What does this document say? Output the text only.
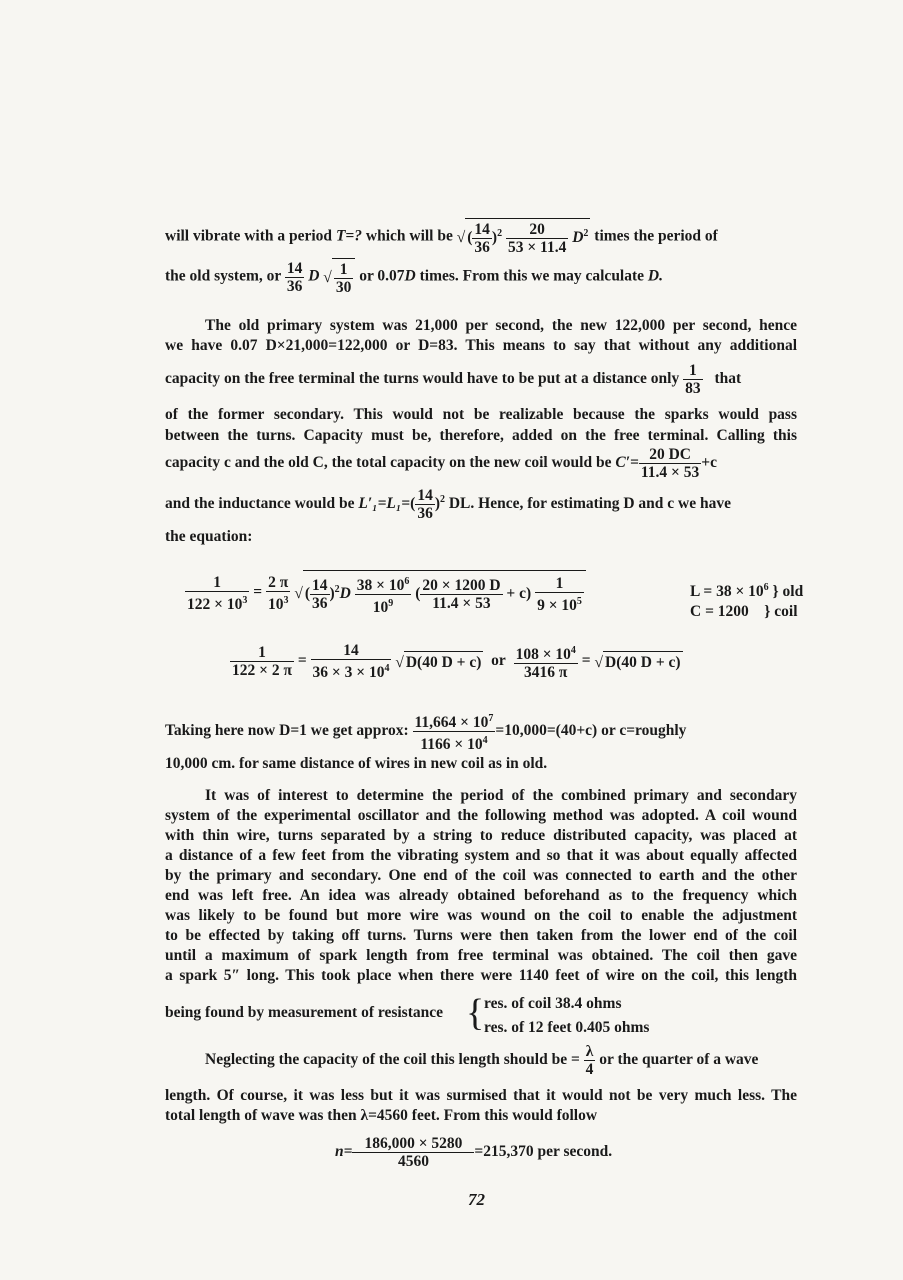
will vibrate with a period T=? which will be √ ( $\frac{14}{36} )^2 \frac{20}{53 \times 11.4} D^2$ times the period of
the old system, or $\frac{14}{36}$ D √ $\frac{1}{30}$ or 0.07D times. From this we may calculate D.
The old primary system was 21,000 per second, the new 122,000 per second, hence
we have 0.07 D×21,000=122,000 or D=83. This means to say that without any additional
capacity on the free terminal the turns would have to be put at a distance only $\frac{1}{83}$ that
of the former secondary. This would not be realizable because the sparks would pass
between the turns. Capacity must be, therefore, added on the free terminal. Calling this
capacity c and the old C, the total capacity on the new coil would be $C'= \frac{20 DC}{11.4 \times 53} +c$
and the inductance would be $L'_1=L_1=( \frac{14}{36} )^2$ DL. Hence, for estimating D and c we have
the equation:
$\frac{1}{122 \times 10^3} = \frac{2 \pi}{10^3}$ √ ( $\frac{14}{36} )^2D \frac{38 \times 10^6}{10^9}$ ( $\frac{20 \times 1200 D}{11.4 \times 53} + c) \frac{1}{9 \times 10^5}$	$L = 38 \times 10^6$ } old
C = 1200    } coil
$\frac{1}{122 \times 2 \pi} = \frac{14}{36 \times 3 \times 10^4}$ √ D(40 D + c) or $\frac{108 \times 10^4}{3416 \pi}$ = √ D(40 D + c)
Taking here now D=1 we get approx: $\frac{11,664 \times 10^7}{1166 \times 10^4} =10,000=(40+c)$ or c=roughly
10,000 cm. for same distance of wires in new coil as in old.
It was of interest to determine the period of the combined primary and secondary
system of the experimental oscillator and the following method was adopted. A coil wound
with thin wire, turns separated by a string to reduce distributed capacity, was placed at
a distance of a few feet from the vibrating system and so that it was about equally affected
by the primary and secondary. One end of the coil was connected to earth and the other
end was left free. An idea was already obtained beforehand as to the frequency which
was likely to be found but more wire was wound on the coil to enable the adjustment
to be effected by taking off turns. Turns were then taken from the lower end of the coil
until a maximum of spark length from free terminal was obtained. The coil then gave
a spark 5″ long. This took place when there were 1140 feet of wire on the coil, this length
being found by measurement of resistance { res. of coil 38.4 ohms
res. of 12 feet 0.405 ohms
Neglecting the capacity of the coil this length should be = $\frac{\lambda}{4}$ or the quarter of a wave
length. Of course, it was less but it was surmised that it would not be very much less. The
total length of wave was then λ=4560 feet. From this would follow
$n= \frac{186,000 \times 5280}{4560} =215,370$ per second.
72
